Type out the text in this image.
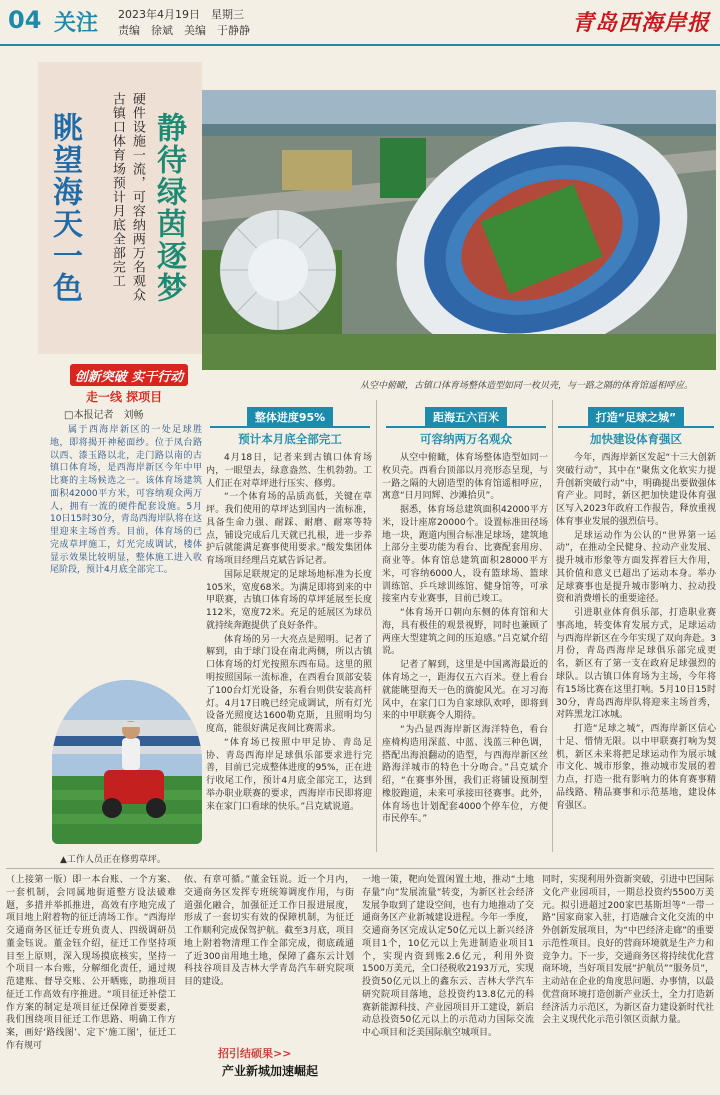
04 关注 2023年4月19日　星期三
责编　徐斌　美编　于静静	青岛西海岸报
静待绿茵逐梦
眺望海天一色	硬件设施一流，可容纳两万名观众
古镇口体育场预计月底全部完工
创新突破 实干行动
走一线 探项目
□本报记者　刘畅
属于西海岸新区的一处足球胜地，即将揭开神秘面纱。位于凤台路以西、漆玉路以北，走门路以南的古镇口体育场，是西海岸新区今年中甲比赛的主场候选之一。该体育场建筑面积42000平方米，可容纳观众两万人，拥有一流的硬件配套设施。5月10日15时30分，青岛西海岸队将在这里迎来主场首秀。目前，体育场的已完成草坪施工，灯光完成调试，楼体显示效果比较明显，整体施工进入收尾阶段，预计4月底全部完工。
从空中俯瞰，古镇口体育场整体造型如同一枚贝壳，与一路之隔的体育馆遥相呼应。
▲工作人员正在修剪草坪。
整体进度95%
预计本月底全部完工

4月18日，记者来到古镇口体育场内，一眼望去，绿意盎然、生机勃勃。工人们正在对草坪进行压实、修剪。

“一个体育场的品质高低，关键在草坪。我们使用的草坪达到国内一流标准，具备生命力强、耐踩、耐磨、耐寒等特点，铺设完成后几天就已扎根，进一步养护后就能满足赛事使用要求。”酸发集团体育场项目经理吕克斌告诉记者。

国际足联规定的足球场地标准为长度105米，宽度68米。为满足即将到来的中甲联赛，古镇口体育场的草坪延展至长度112米，宽度72米。充足的延展区为球员就持续奔跑提供了良好条件。

体育场的另一大亮点是照明。记者了解到，由于球门设在南北两侧，所以古镇口体育场的灯光按照东西布局。这里的照明按照国际一流标准，在西看台顶部安装了100台灯光设备，东看台则供安装高杆灯。4月17日晚已经完成调试，所有灯光设备光照度达1600勒克斯，且照明均匀度高，能很好满足夜间比赛需求。

“体育场已按照中甲足协、青岛足协、青岛西海岸足球俱乐部要求进行完善，目前已完成整体进度的95%，正在进行收尾工作，预计4月底全部完工，达到举办职业联赛的要求，西海岸市民即将迎来在家门口看球的快乐。”吕克斌说道。

距海五六百米
可容纳两万名观众

从空中俯瞰，体育场整体造型如同一枚贝壳。西看台顶部以月亮形态呈现，与一路之隔的大剧造型的体育馆遥相呼应，寓意“日月同辉、沙滩拾贝”。

据悉，体育场总建筑面积42000平方米，设计座席20000个。设置标准田径场地一块，跑道内围合标准足球场，建筑地上部分主要功能为看台、比赛配套用房、商业等。体育馆总建筑面积28000平方米，可容纳6000人，设有篮球场、篮球训练馆、乒乓球训练馆、健身馆等，可承接室内专业赛事，目前已竣工。

“体育场开口朝向东侧的体育馆和大海，具有极佳的观景视野，同时也兼顾了两座大型建筑之间的压迫感。”吕克斌介绍说。

记者了解到，这里是中国离海最近的体育场之一，距海仅五六百米。登上看台就能眺望海天一色的旖旎风光。在习习海风中，在家门口为自家球队欢呼，即将到来的中甲联赛令人期待。

“为凸显西海岸新区海洋特色，看台座椅构造用深蓝、中蓝、浅蓝三种色调，搭配出海浪翻动的造型，与西海岸新区丝路海洋城市的特色十分吻合。”吕克斌介绍，“在赛事外围，我们正将铺设预制型橡胶跑道，未来可承接田径赛事。此外，体育场也计划配套4000个停车位，方便市民停车。”

打造“足球之城”
加快建设体育强区

今年，西海岸新区发起“十三大创新突破行动”，其中在“聚焦文化软实力提升创新突破行动”中，明确提出要做强体育产业。同时，新区把加快建设体育强区写入2023年政府工作报告，释放重视体育事业发展的强烈信号。

足球运动作为公认的“世界第一运动”，在推动全民健身、拉动产业发展、提升城市形象等方面发挥着巨大作用，其价值和意义已超出了运动本身。举办足球赛事也是提升城市影响力、拉动投资和消费增长的重要途径。

引进职业体育俱乐部，打造职业赛事高地，转变体育发展方式，足球运动与西海岸新区在今年实现了双向奔赴。3月份，青岛西海岸足球俱乐部完成更名，新区有了第一支在政府足球强烈的球队。以古镇口体育场为主场，今年将有15场比赛在这里打响。5月10日15时30分，青岛西海岸队将迎来主场首秀，对阵黑龙江冰城。

打造“足球之城”，西海岸新区信心十足、惜情无限。以中甲联赛打响为契机，新区未来将把足球运动作为展示城市文化、城市形象，推动城市发展的着力点，打造一批有影响力的体育赛事精品线路、精品赛事和示范基地，建设体育强区。

（上接第一版）即一本台账、一个方案、一套机制，会同属地街道整方设法破难题，多措并举抓推进，高效有序地完成了项目地上附着物的征迁清场工作。“西海岸交通商务区征迁专班负责人、四级调研员董金钰说。董金钰介绍，征迁工作坚持项目至上原则，深入现场摸底核实，坚持一个项目一本台账，分解细化责任，通过规范建账、督导交账、公开晒账，助推项目征迁工作高效有序推进。“项目征迁补偿工作方案的制定是项目征迁保障首要要素，我们围绕项目征迁工作思路、明确工作方案，画好‘路线图’、定下‘施工图’，征迁工作有规可
依、有章可循。”董金钰说。近一个月内，交通商务区发挥专班统筹调度作用，与街道强化融合，加强征迁工作日报进展度，形成了一套切实有效的保障机制，为征迁工作顺利完成保驾护航。截至3月底，项目地上附着物清理工作全部完成，彻底疏通了近300亩用地土地，保障了鑫东云计划科技谷项目及吉林大学青岛汽车研究院项目的建设。
一地一策，靶向处置闲置土地，推动“土地存量”向“发展流量”转变，为新区社会经济发展争取到了建设空间，也有力地推动了交通商务区产业新城建设进程。今年一季度，交通商务区完成认定50亿元以上新兴经济项目1个，10亿元以上先进制造业项目1个，实现内资到账2.6亿元，利用外资1500万美元，全口径税收2193万元，实现投资50亿元以上的鑫东云、吉林大学汽车研究院项目落地，总投资约13.8亿元的科赛新能源科技、产业园项目开工建设，新启动总投资50亿元以上的示范动力国际交流中心项目和泛美国际航空城项目。
同时，实现利用外资新突破，引进中巴国际文化产业园项目，一期总投资约5500万美元。拟引进超过200家巴基斯坦等“一带一路”国家商家入驻，打造融合文化交流的中外创新发展项目，为“中巴经济走廊”的重要示范性项目。良好的营商环境就是生产力和竞争力。下一步，交通商务区将持续优化营商环境，当好项目发展“护航员”“服务员”，主动站在企业的角度思问题、办事情，以最优营商环境打造创新产业沃土，全力打造新经济活力示范区，为新区奋力建设新时代社会主义现代化示范引领区贡献力量。
招引结硕果>>
产业新城加速崛起
